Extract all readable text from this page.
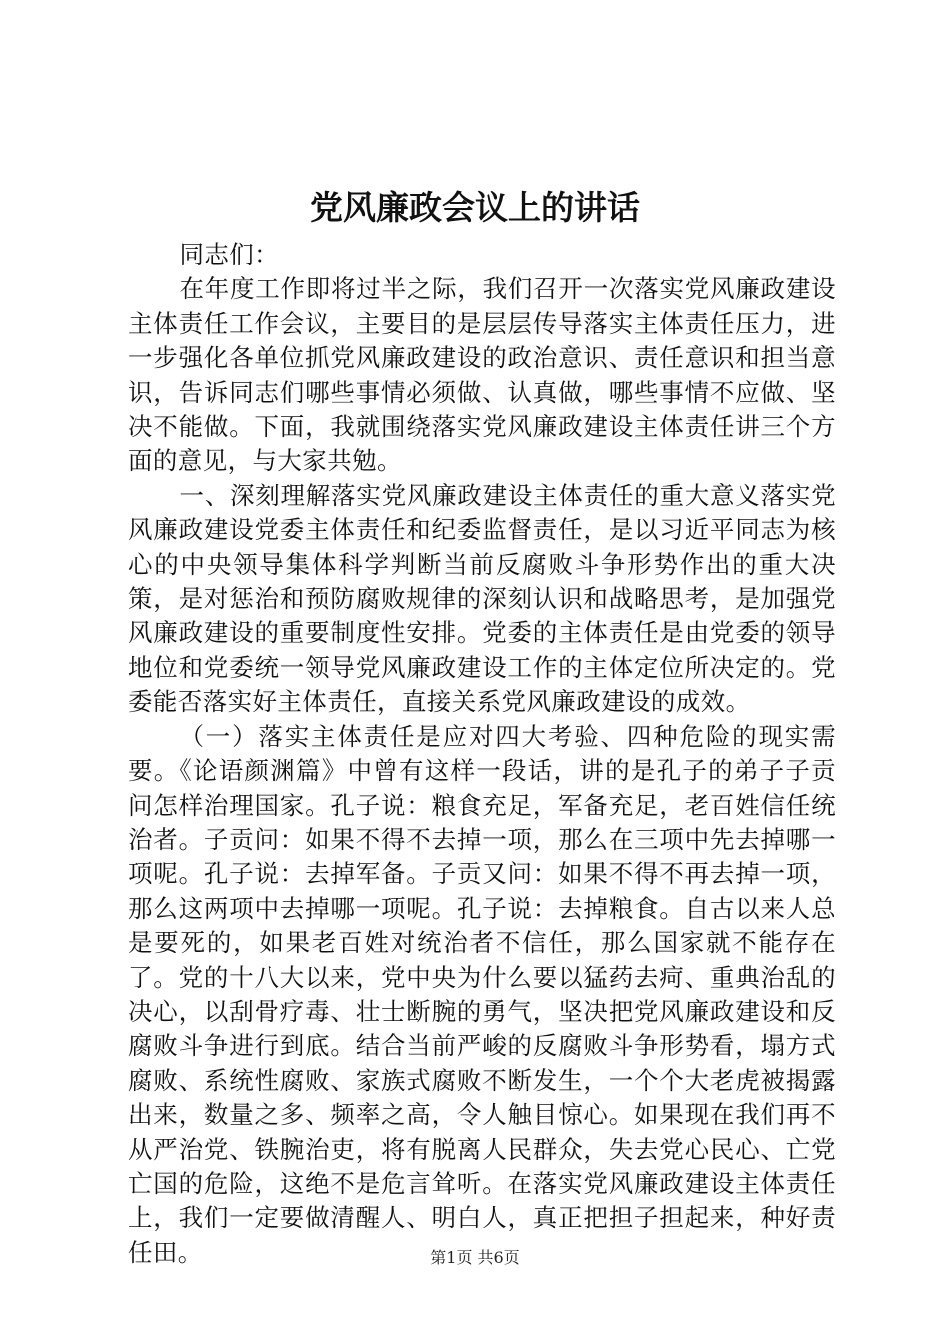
党风廉政会议上的讲话

同志们：

在年度工作即将过半之际，我们召开一次落实党风廉政建设主体责任工作会议，主要目的是层层传导落实主体责任压力，进一步强化各单位抓党风廉政建设的政治意识、责任意识和担当意识，告诉同志们哪些事情必须做、认真做，哪些事情不应做、坚决不能做。下面，我就围绕落实党风廉政建设主体责任讲三个方面的意见，与大家共勉。

一、深刻理解落实党风廉政建设主体责任的重大意义落实党风廉政建设党委主体责任和纪委监督责任，是以习近平同志为核心的中央领导集体科学判断当前反腐败斗争形势作出的重大决策，是对惩治和预防腐败规律的深刻认识和战略思考，是加强党风廉政建设的重要制度性安排。党委的主体责任是由党委的领导地位和党委统一领导党风廉政建设工作的主体定位所决定的。党委能否落实好主体责任，直接关系党风廉政建设的成效。

（一）落实主体责任是应对四大考验、四种危险的现实需要。《论语颜渊篇》中曾有这样一段话，讲的是孔子的弟子子贡问怎样治理国家。孔子说：粮食充足，军备充足，老百姓信任统治者。子贡问：如果不得不去掉一项，那么在三项中先去掉哪一项呢。孔子说：去掉军备。子贡又问：如果不得不再去掉一项，那么这两项中去掉哪一项呢。孔子说：去掉粮食。自古以来人总是要死的，如果老百姓对统治者不信任，那么国家就不能存在了。党的十八大以来，党中央为什么要以猛药去疴、重典治乱的决心，以刮骨疗毒、壮士断腕的勇气，坚决把党风廉政建设和反腐败斗争进行到底。结合当前严峻的反腐败斗争形势看，塌方式腐败、系统性腐败、家族式腐败不断发生，一个个大老虎被揭露出来，数量之多、频率之高，令人触目惊心。如果现在我们再不从严治党、铁腕治吏，将有脱离人民群众，失去党心民心、亡党亡国的危险，这绝不是危言耸听。在落实党风廉政建设主体责任上，我们一定要做清醒人、明白人，真正把担子担起来，种好责任田。	第1页 共6页
